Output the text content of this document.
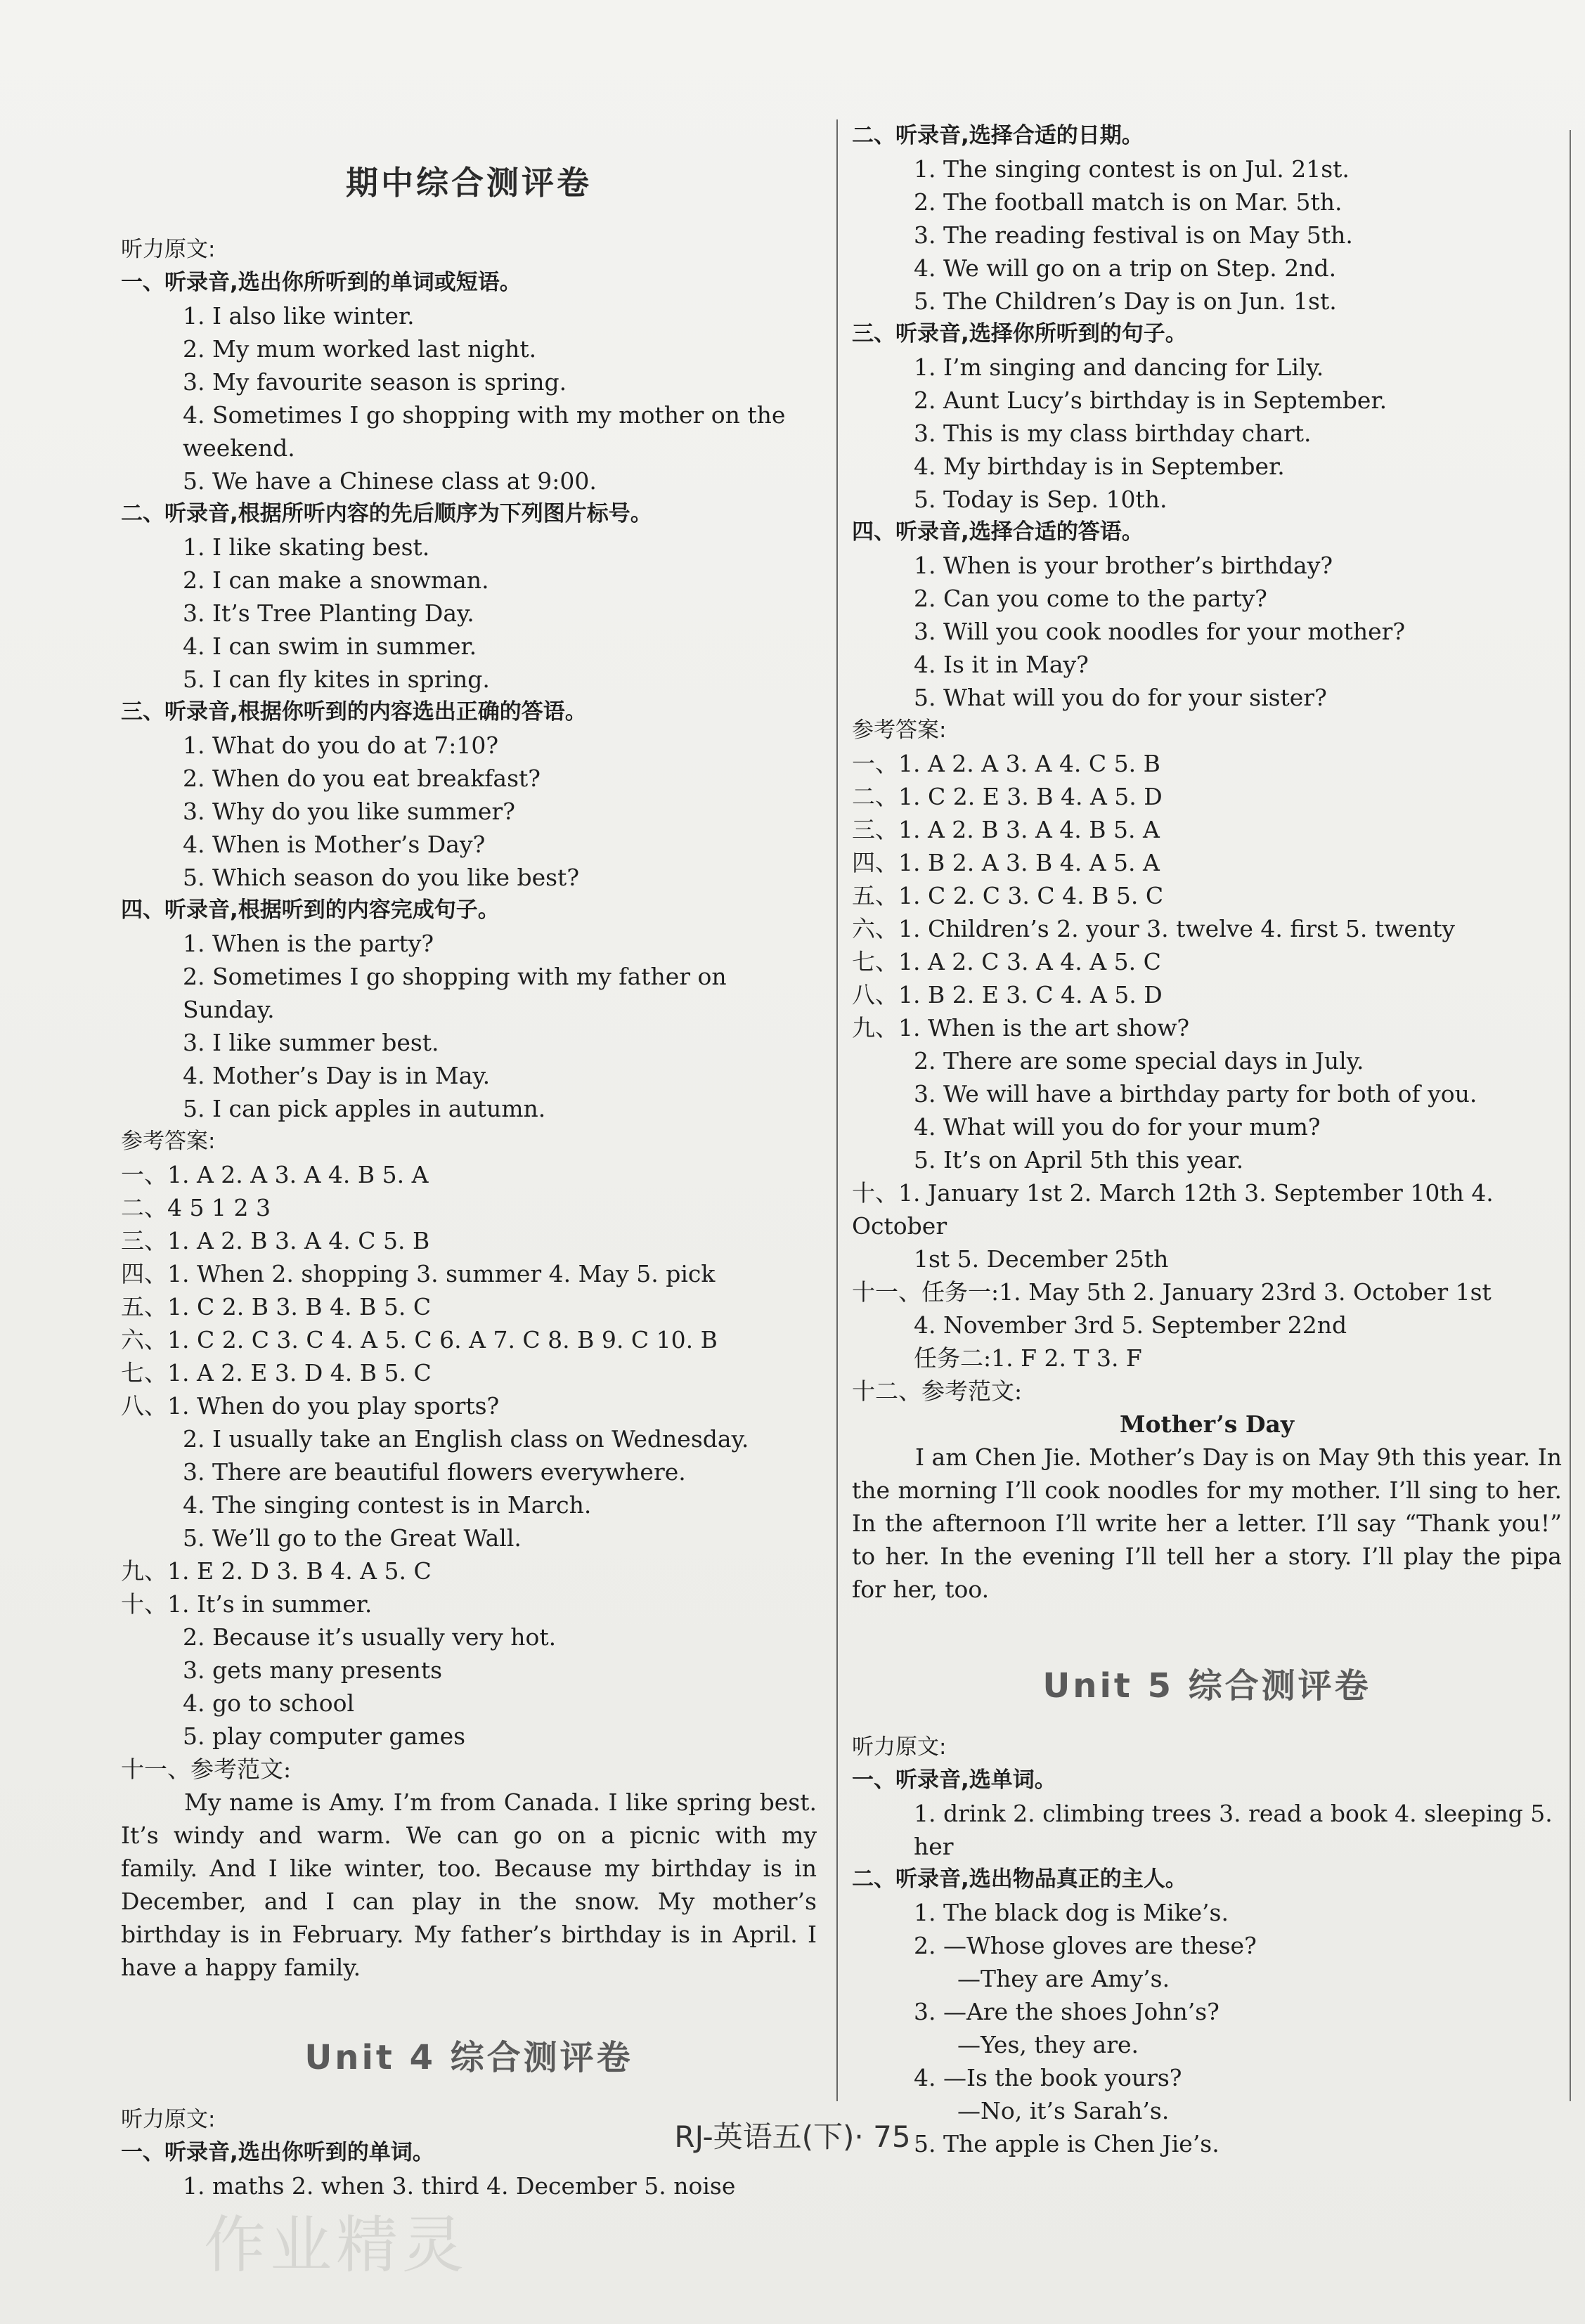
期中综合测评卷
听力原文:
一、听录音,选出你所听到的单词或短语。
1. I also like winter.
2. My mum worked last night.
3. My favourite season is spring.
4. Sometimes I go shopping with my mother on the weekend.
5. We have a Chinese class at 9:00.
二、听录音,根据所听内容的先后顺序为下列图片标号。
1. I like skating best.
2. I can make a snowman.
3. It’s Tree Planting Day.
4. I can swim in summer.
5. I can fly kites in spring.
三、听录音,根据你听到的内容选出正确的答语。
1. What do you do at 7:10?
2. When do you eat breakfast?
3. Why do you like summer?
4. When is Mother’s Day?
5. Which season do you like best?
四、听录音,根据听到的内容完成句子。
1. When is the party?
2. Sometimes I go shopping with my father on Sunday.
3. I like summer best.
4. Mother’s Day is in May.
5. I can pick apples in autumn.
参考答案:
一、1. A 2. A 3. A 4. B 5. A
二、4 5 1 2 3
三、1. A 2. B 3. A 4. C 5. B
四、1. When 2. shopping 3. summer 4. May 5. pick
五、1. C 2. B 3. B 4. B 5. C
六、1. C 2. C 3. C 4. A 5. C 6. A 7. C 8. B 9. C 10. B
七、1. A 2. E 3. D 4. B 5. C
八、1. When do you play sports?
2. I usually take an English class on Wednesday.
3. There are beautiful flowers everywhere.
4. The singing contest is in March.
5. We’ll go to the Great Wall.
九、1. E 2. D 3. B 4. A 5. C
十、1. It’s in summer.
2. Because it’s usually very hot.
3. gets many presents
4. go to school
5. play computer games
十一、参考范文:
My name is Amy. I’m from Canada. I like spring best. It’s windy and warm. We can go on a picnic with my family. And I like winter, too. Because my birthday is in December, and I can play in the snow. My mother’s birthday is in February. My father’s birthday is in April. I have a happy family.
Unit 4 综合测评卷
听力原文:
一、听录音,选出你听到的单词。
1. maths 2. when 3. third 4. December 5. noise
二、听录音,选择合适的日期。
1. The singing contest is on Jul. 21st.
2. The football match is on Mar. 5th.
3. The reading festival is on May 5th.
4. We will go on a trip on Step. 2nd.
5. The Children’s Day is on Jun. 1st.
三、听录音,选择你所听到的句子。
1. I’m singing and dancing for Lily.
2. Aunt Lucy’s birthday is in September.
3. This is my class birthday chart.
4. My birthday is in September.
5. Today is Sep. 10th.
四、听录音,选择合适的答语。
1. When is your brother’s birthday?
2. Can you come to the party?
3. Will you cook noodles for your mother?
4. Is it in May?
5. What will you do for your sister?
参考答案:
一、1. A 2. A 3. A 4. C 5. B
二、1. C 2. E 3. B 4. A 5. D
三、1. A 2. B 3. A 4. B 5. A
四、1. B 2. A 3. B 4. A 5. A
五、1. C 2. C 3. C 4. B 5. C
六、1. Children’s 2. your 3. twelve 4. first 5. twenty
七、1. A 2. C 3. A 4. A 5. C
八、1. B 2. E 3. C 4. A 5. D
九、1. When is the art show?
2. There are some special days in July.
3. We will have a birthday party for both of you.
4. What will you do for your mum?
5. It’s on April 5th this year.
十、1. January 1st 2. March 12th 3. September 10th 4. October
1st 5. December 25th
十一、任务一:1. May 5th 2. January 23rd 3. October 1st
4. November 3rd 5. September 22nd
任务二:1. F 2. T 3. F
十二、参考范文:
Mother’s Day
I am Chen Jie. Mother’s Day is on May 9th this year. In the morning I’ll cook noodles for my mother. I’ll sing to her. In the afternoon I’ll write her a letter. I’ll say “Thank you!” to her. In the evening I’ll tell her a story. I’ll play the pipa for her, too.
Unit 5 综合测评卷
听力原文:
一、听录音,选单词。
1. drink 2. climbing trees 3. read a book 4. sleeping 5. her
二、听录音,选出物品真正的主人。
1. The black dog is Mike’s.
2. —Whose gloves are these?
—They are Amy’s.
3. —Are the shoes John’s?
—Yes, they are.
4. —Is the book yours?
—No, it’s Sarah’s.
5. The apple is Chen Jie’s.
RJ-英语五(下)· 75
作业精灵
